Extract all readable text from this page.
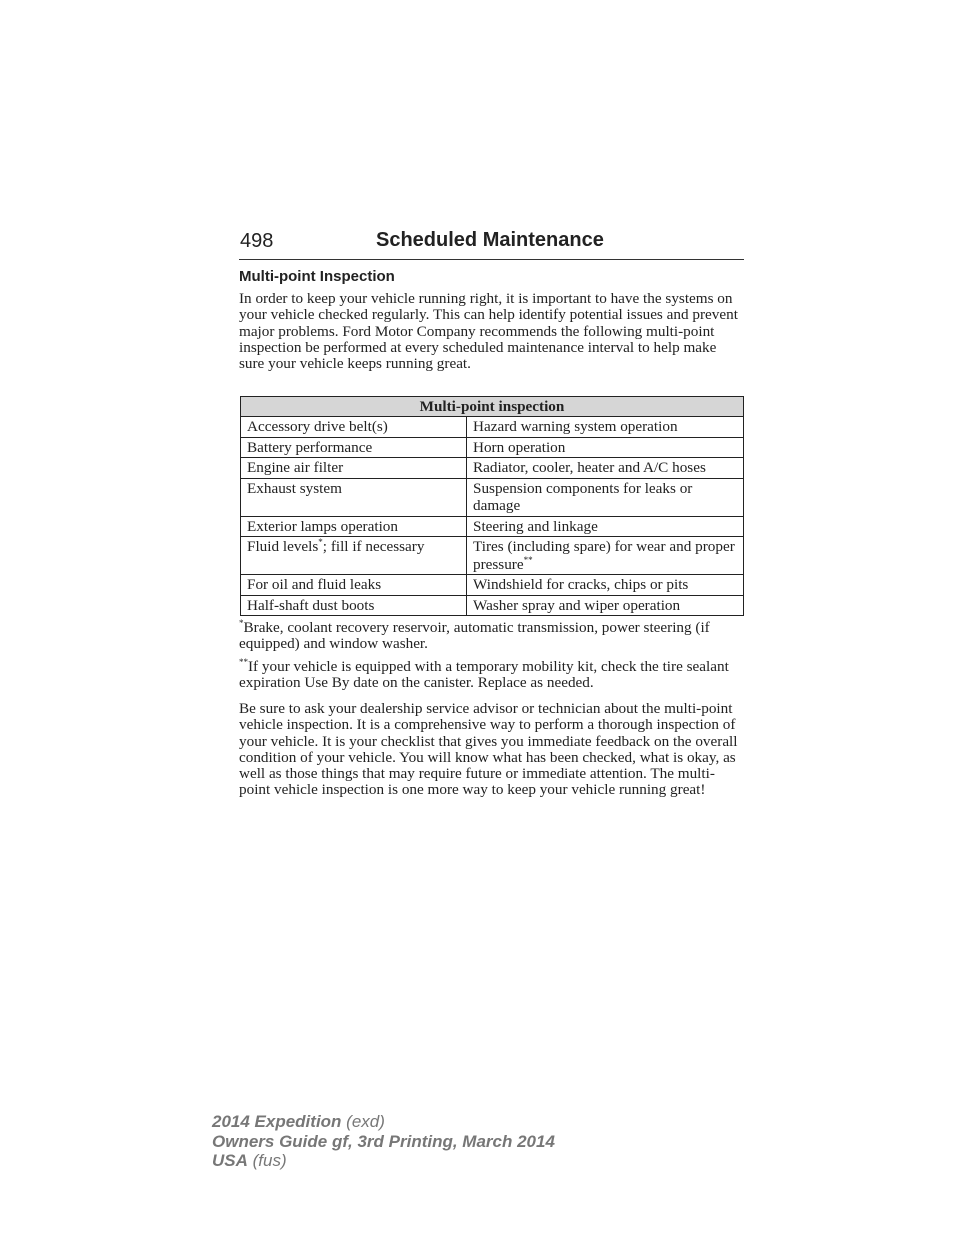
498	Scheduled Maintenance
Multi-point Inspection

In order to keep your vehicle running right, it is important to have the systems on your vehicle checked regularly. This can help identify potential issues and prevent major problems. Ford Motor Company recommends the following multi-point inspection be performed at every scheduled maintenance interval to help make sure your vehicle keeps running great.

Multi-point inspection	
Accessory drive belt(s)	Hazard warning system operation
Battery performance	Horn operation
Engine air filter	Radiator, cooler, heater and A/C hoses
Exhaust system	Suspension components for leaks or damage
Exterior lamps operation	Steering and linkage
Fluid levels*; fill if necessary	Tires (including spare) for wear and proper pressure**
For oil and fluid leaks	Windshield for cracks, chips or pits
Half-shaft dust boots	Washer spray and wiper operation

*Brake, coolant recovery reservoir, automatic transmission, power steering (if equipped) and window washer.

**If your vehicle is equipped with a temporary mobility kit, check the tire sealant expiration Use By date on the canister. Replace as needed.

Be sure to ask your dealership service advisor or technician about the multi-point vehicle inspection. It is a comprehensive way to perform a thorough inspection of your vehicle. It is your checklist that gives you immediate feedback on the overall condition of your vehicle. You will know what has been checked, what is okay, as well as those things that may require future or immediate attention. The multi-point vehicle inspection is one more way to keep your vehicle running great!

2014 Expedition (exd)
Owners Guide gf, 3rd Printing, March 2014
USA (fus)
